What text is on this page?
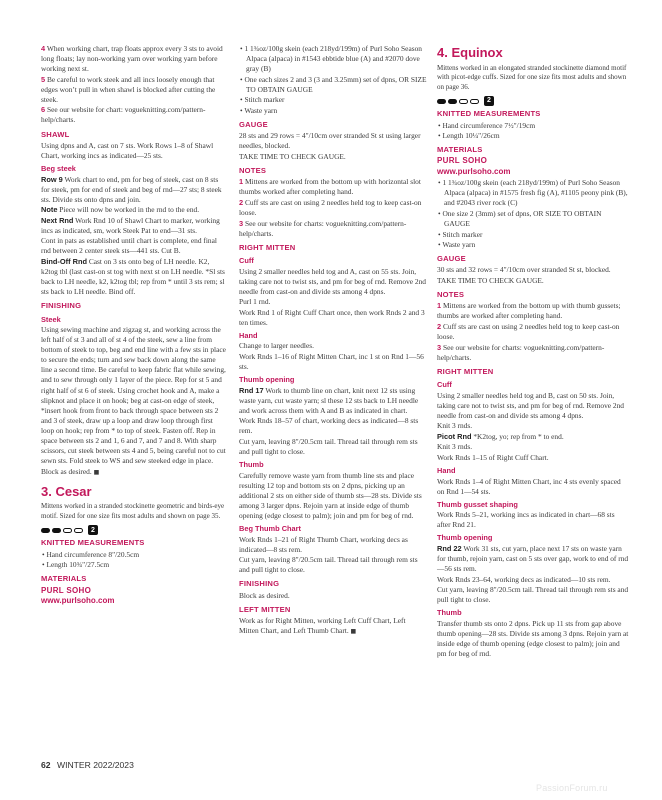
4 When working chart, trap floats approx every 3 sts to avoid long floats; lay non-working yarn over working yarn before working next st.

5 Be careful to work steek and all incs loosely enough that edges won’t pull in when shawl is blocked after cutting the steek.

6 See our website for chart: vogueknitting.com/pattern-help/charts.

SHAWL

Using dpns and A, cast on 7 sts. Work Rows 1–8 of Shawl Chart, working incs as indicated—25 sts.

Beg steek

Row 9 Work chart to end, pm for beg of steek, cast on 8 sts for steek, pm for end of steek and beg of rnd—27 sts; 8 steek sts. Divide sts onto dpns and join.

Note Piece will now be worked in the rnd to the end.

Next Rnd Work Rnd 10 of Shawl Chart to marker, working incs as indicated, sm, work Steek Pat to end—31 sts.

Cont in pats as established until chart is complete, end final rnd between 2 center steek sts—441 sts. Cut B.

Bind-Off Rnd Cast on 3 sts onto beg of LH needle. K2, k2tog tbl (last cast-on st tog with next st on LH needle. *Sl sts back to LH needle, k2, k2tog tbl; rep from * until 3 sts rem; sl sts back to LH needle. Bind off.

FINISHING
Steek

Using sewing machine and zigzag st, and working across the left half of st 3 and all of st 4 of the steek, sew a line from bottom of steek to top, beg and end line with a few sts in place to secure the ends; turn and sew back down along the same line a second time. Be careful to keep fabric flat while sewing, and to sew through only 1 layer of the piece. Rep for st 5 and right half of st 6 of steek. Using crochet hook and A, make a slipknot and place it on hook; beg at cast-on edge of steek, *insert hook from front to back through space between sts 2 and 3 of steek, draw up a loop and draw loop through first loop on hook; rep from * to top of steek. Fasten off. Rep in space between sts 2 and 1, 6 and 7, and 7 and 8. With sharp scissors, cut steek between sts 4 and 5, being careful not to cut sewn sts. Fold steek to WS and sew steeked edge in place.

Block as desired. ■

3. Cesar

Mittens worked in a stranded stockinette geometric and birds-eye motif. Sized for one size fits most adults and shown on page 35.

2
KNITTED MEASUREMENTS

• Hand circumference 8"/20.5cm

• Length 10¾"/27.5cm

MATERIALS
PURL SOHO
www.purlsoho.com

• 1 1¾oz/100g skein (each 218yd/199m) of Purl Soho Season Alpaca (alpaca) in #1543 ebbtide blue (A) and #2070 dove gray (B)

• One each sizes 2 and 3 (3 and 3.25mm) set of dpns, OR SIZE TO OBTAIN GAUGE

• Stitch marker

• Waste yarn

GAUGE

28 sts and 29 rows = 4"/10cm over stranded St st using larger needles, blocked.

TAKE TIME TO CHECK GAUGE.

NOTES

1 Mittens are worked from the bottom up with horizontal slot thumbs worked after completing hand.

2 Cuff sts are cast on using 2 needles held tog to keep cast-on loose.

3 See our website for charts: vogueknitting.com/pattern-help/charts.

RIGHT MITTEN
Cuff

Using 2 smaller needles held tog and A, cast on 55 sts. Join, taking care not to twist sts, and pm for beg of rnd. Remove 2nd needle from cast-on and divide sts among 4 dpns.

Purl 1 rnd.

Work Rnd 1 of Right Cuff Chart once, then work Rnds 2 and 3 ten times.

Hand

Change to larger needles.

Work Rnds 1–16 of Right Mitten Chart, inc 1 st on Rnd 1—56 sts.

Thumb opening

Rnd 17 Work to thumb line on chart, knit next 12 sts using waste yarn, cut waste yarn; sl these 12 sts back to LH needle and work across them with A and B as indicated in chart.

Work Rnds 18–57 of chart, working decs as indicated—8 sts rem.

Cut yarn, leaving 8"/20.5cm tail. Thread tail through rem sts and pull tight to close.

Thumb

Carefully remove waste yarn from thumb line sts and place resulting 12 top and bottom sts on 2 dpns, picking up an additional 2 sts on either side of thumb sts—28 sts. Divide sts among 3 larger dpns. Rejoin yarn at inside edge of thumb opening (edge closest to palm); join and pm for beg of rnd.

Beg Thumb Chart

Work Rnds 1–21 of Right Thumb Chart, working decs as indicated—8 sts rem.

Cut yarn, leaving 8"/20.5cm tail. Thread tail through rem sts and pull tight to close.

FINISHING

Block as desired.

LEFT MITTEN

Work as for Right Mitten, working Left Cuff Chart, Left Mitten Chart, and Left Thumb Chart. ■

4. Equinox

Mittens worked in an elongated stranded stockinette diamond motif with picot-edge cuffs. Sized for one size fits most adults and shown on page 36.

2
KNITTED MEASUREMENTS

• Hand circumference 7½"/19cm

• Length 10¼"/26cm

MATERIALS
PURL SOHO
www.purlsoho.com

• 1 1¾oz/100g skein (each 218yd/199m) of Purl Soho Season Alpaca (alpaca) in #1575 fresh fig (A), #1105 peony pink (B), and #2043 river rock (C)

• One size 2 (3mm) set of dpns, OR SIZE TO OBTAIN GAUGE

• Stitch marker

• Waste yarn

GAUGE

30 sts and 32 rows = 4"/10cm over stranded St st, blocked.

TAKE TIME TO CHECK GAUGE.

NOTES

1 Mittens are worked from the bottom up with thumb gussets; thumbs are worked after completing hand.

2 Cuff sts are cast on using 2 needles held tog to keep cast-on loose.

3 See our website for charts: vogueknitting.com/pattern-help/charts.

RIGHT MITTEN
Cuff

Using 2 smaller needles held tog and B, cast on 50 sts. Join, taking care not to twist sts, and pm for beg of rnd. Remove 2nd needle from cast-on and divide sts among 4 dpns.

Knit 3 rnds.

Picot Rnd *K2tog, yo; rep from * to end.

Knit 3 rnds.

Work Rnds 1–15 of Right Cuff Chart.

Hand

Work Rnds 1–4 of Right Mitten Chart, inc 4 sts evenly spaced on Rnd 1—54 sts.

Thumb gusset shaping

Work Rnds 5–21, working incs as indicated in chart—68 sts after Rnd 21.

Thumb opening

Rnd 22 Work 31 sts, cut yarn, place next 17 sts on waste yarn for thumb, rejoin yarn, cast on 5 sts over gap, work to end of rnd—56 sts rem.

Work Rnds 23–64, working decs as indicated—10 sts rem.

Cut yarn, leaving 8"/20.5cm tail. Thread tail through rem sts and pull tight to close.

Thumb

Transfer thumb sts onto 2 dpns. Pick up 11 sts from gap above thumb opening—28 sts. Divide sts among 3 dpns. Rejoin yarn at inside edge of thumb opening (edge closest to palm); join and pm for beg of rnd.

62 WINTER 2022/2023
PassionForum.ru
